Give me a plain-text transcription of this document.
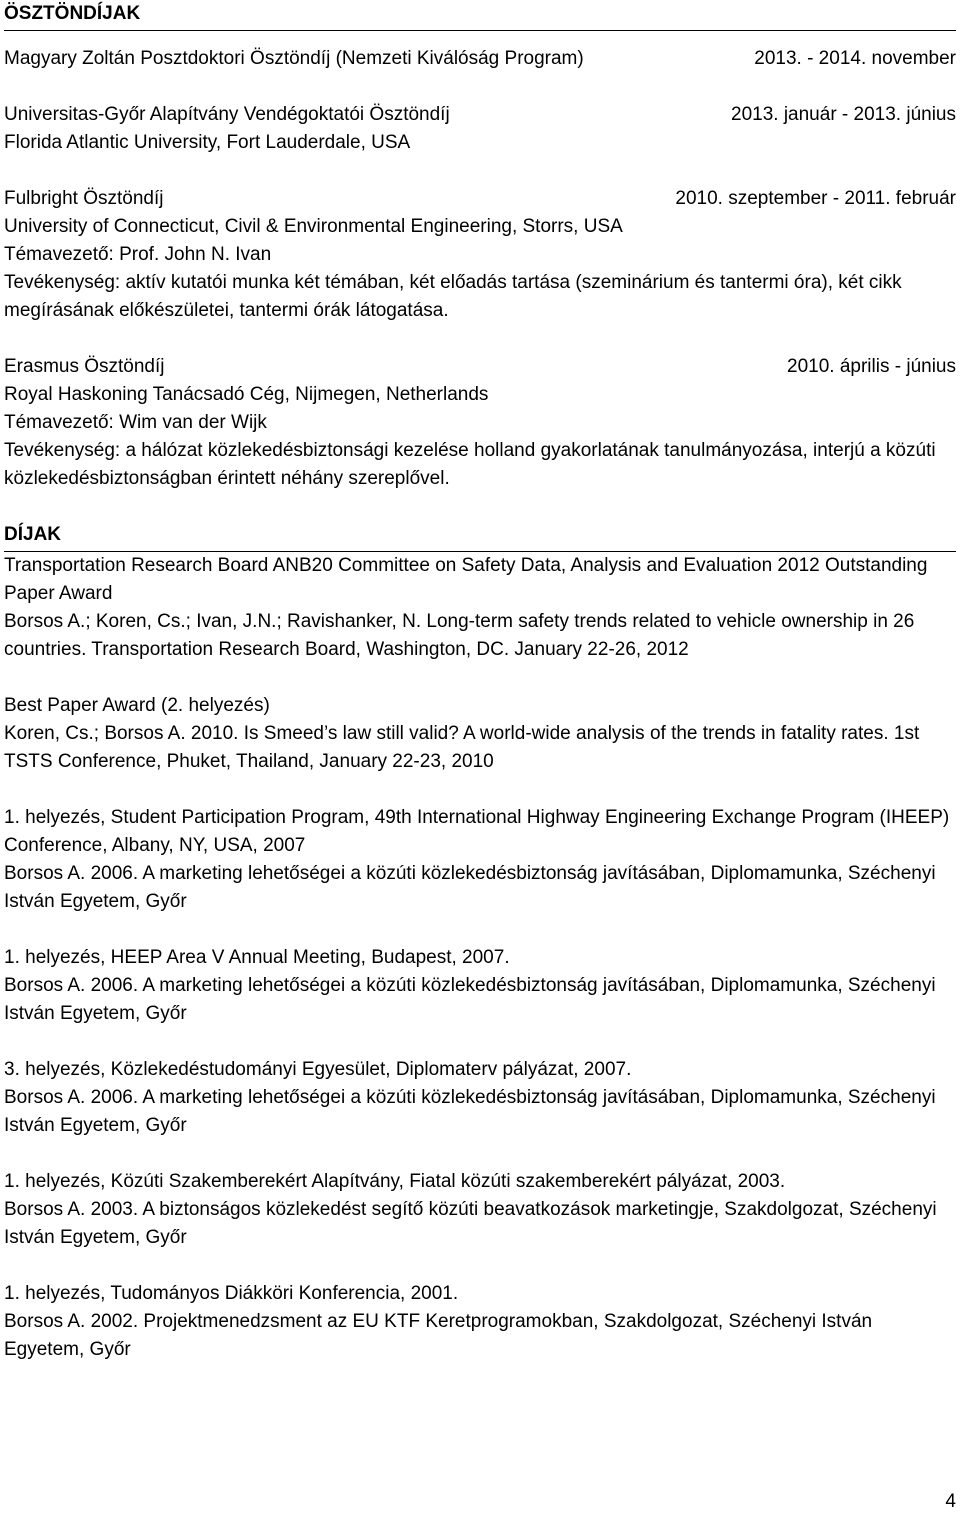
ÖSZTÖNDÍJAK
Magyary Zoltán Posztdoktori Ösztöndíj (Nemzeti Kiválóság Program)	2013. - 2014. november
Universitas-Győr Alapítvány Vendégoktatói Ösztöndíj	2013. január - 2013. június
Florida Atlantic University, Fort Lauderdale, USA
Fulbright Ösztöndíj	2010. szeptember - 2011. február
University of Connecticut, Civil & Environmental Engineering, Storrs, USA
Témavezető: Prof. John N. Ivan
Tevékenység: aktív kutatói munka két témában, két előadás tartása (szeminárium és tantermi óra), két cikk megírásának előkészületei, tantermi órák látogatása.
Erasmus Ösztöndíj	2010. április - június
Royal Haskoning Tanácsadó Cég, Nijmegen, Netherlands
Témavezető: Wim van der Wijk
Tevékenység: a hálózat közlekedésbiztonsági kezelése holland gyakorlatának tanulmányozása, interjú a közúti közlekedésbiztonságban érintett néhány szereplővel.
DÍJAK
Transportation Research Board ANB20 Committee on Safety Data, Analysis and Evaluation 2012 Outstanding Paper Award
Borsos A.; Koren, Cs.; Ivan, J.N.; Ravishanker, N. Long-term safety trends related to vehicle ownership in 26 countries. Transportation Research Board, Washington, DC. January 22-26, 2012
Best Paper Award (2. helyezés)
Koren, Cs.; Borsos A. 2010. Is Smeed’s law still valid? A world-wide analysis of the trends in fatality rates. 1st TSTS Conference, Phuket, Thailand, January 22-23, 2010
1. helyezés, Student Participation Program, 49th International Highway Engineering Exchange Program (IHEEP) Conference, Albany, NY, USA, 2007
Borsos A. 2006. A marketing lehetőségei a közúti közlekedésbiztonság javításában, Diplomamunka, Széchenyi István Egyetem, Győr
1. helyezés, HEEP Area V Annual Meeting, Budapest, 2007.
Borsos A. 2006. A marketing lehetőségei a közúti közlekedésbiztonság javításában, Diplomamunka, Széchenyi István Egyetem, Győr
3. helyezés, Közlekedéstudományi Egyesület, Diplomaterv pályázat, 2007.
Borsos A. 2006. A marketing lehetőségei a közúti közlekedésbiztonság javításában, Diplomamunka, Széchenyi István Egyetem, Győr
1. helyezés, Közúti Szakemberekért Alapítvány, Fiatal közúti szakemberekért pályázat, 2003.
Borsos A. 2003. A biztonságos közlekedést segítő közúti beavatkozások marketingje, Szakdolgozat, Széchenyi István Egyetem, Győr
1. helyezés, Tudományos Diákköri Konferencia, 2001.
Borsos A. 2002. Projektmenedzsment az EU KTF Keretprogramokban, Szakdolgozat, Széchenyi István Egyetem, Győr
4
